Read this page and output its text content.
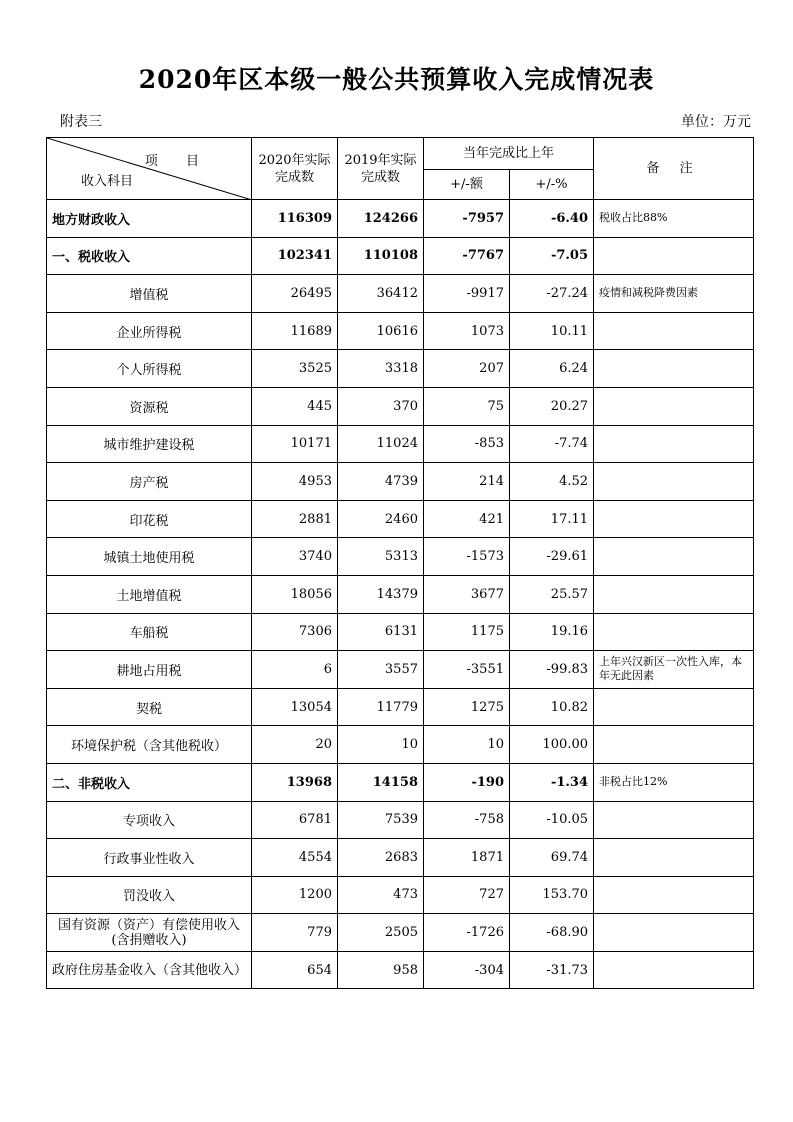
2020年区本级一般公共预算收入完成情况表
附表三	单位：万元
项 目
收入科目	2020年实际完成数	2019年实际完成数	当年完成比上年		备 注
			+/-额	+/-%	
地方财政收入	116309	124266	-7957	-6.40	税收占比88%
一、税收收入	102341	110108	-7767	-7.05	
增值税	26495	36412	-9917	-27.24	疫情和减税降费因素
企业所得税	11689	10616	1073	10.11	
个人所得税	3525	3318	207	6.24	
资源税	445	370	75	20.27	
城市维护建设税	10171	11024	-853	-7.74	
房产税	4953	4739	214	4.52	
印花税	2881	2460	421	17.11	
城镇土地使用税	3740	5313	-1573	-29.61	
土地增值税	18056	14379	3677	25.57	
车船税	7306	6131	1175	19.16	
耕地占用税	6	3557	-3551	-99.83	上年兴汉新区一次性入库，本年无此因素
契税	13054	11779	1275	10.82	
环境保护税（含其他税收）	20	10	10	100.00	
二、非税收入	13968	14158	-190	-1.34	非税占比12%
专项收入	6781	7539	-758	-10.05	
行政事业性收入	4554	2683	1871	69.74	
罚没收入	1200	473	727	153.70	
国有资源（资产）有偿使用收入(含捐赠收入)	779	2505	-1726	-68.90	
政府住房基金收入（含其他收入）	654	958	-304	-31.73	
